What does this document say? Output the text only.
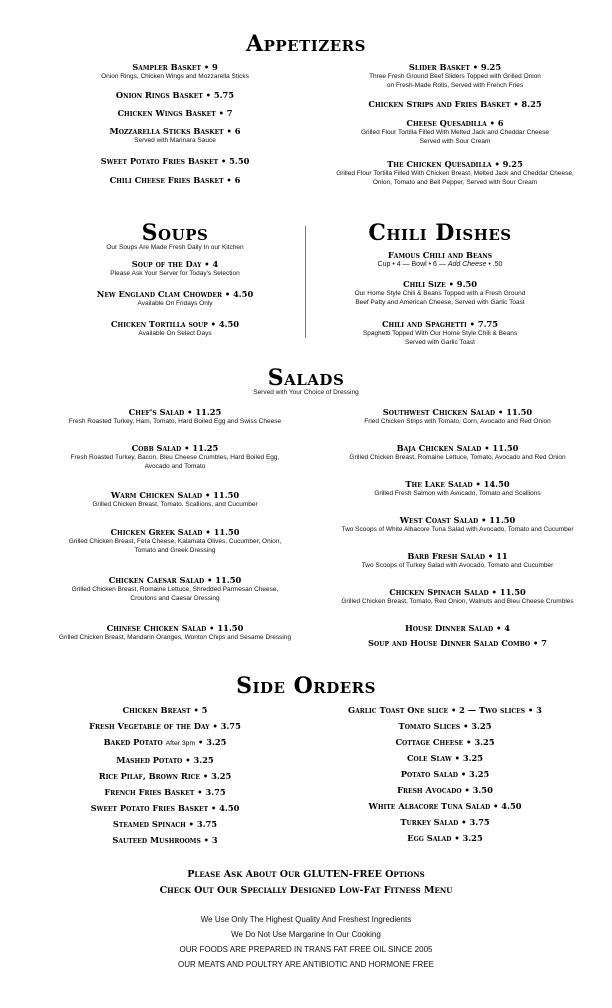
Appetizers
Sampler Basket • 9
Onion Rings, Chicken Wings and Mozzarella Sticks
Onion Rings Basket • 5.75
Chicken Wings Basket • 7
Mozzarella Sticks Basket • 6
Served with Marinara Sauce
Sweet Potato Fries Basket • 5.50
Chili Cheese Fries Basket • 6
Slider Basket • 9.25
Three Fresh Ground Beef Sliders Topped with Grilled Onion
on Fresh-Made Rolls, Served with French Fries
Chicken Strips and Fries Basket • 8.25
Cheese Quesadilla • 6
Grilled Flour Tortilla Filled With Melted Jack and Cheddar Cheese
Served with Sour Cream
The Chicken Quesadilla • 9.25
Grilled Flour Tortilla Filled With Chicken Breast, Melted Jack and Cheddar Cheese,
Onion, Tomato and Bell Pepper, Served with Sour Cream
Soups
Our Soups Are Made Fresh Daily In our Kitchen
Soup of the Day • 4
Please Ask Your Server for Today's Selection
New England Clam Chowder • 4.50
Available On Fridays Only
Chicken Tortilla soup • 4.50
Available On Select Days
Chili Dishes
Famous Chili and Beans
Cup • 4 — Bowl • 6 — Add Cheese • .50
Chili Size • 9.50
Our Home Style Chili & Beans Topped with a Fresh Ground
Beef Patty and American Cheese, Served with Garlic Toast
Chili and Spaghetti • 7.75
Spaghetti Topped With Our Home Style Chili & Beans
Served with Garlic Toast
Salads
Served with Your Choice of Dressing
Chef's Salad • 11.25
Fresh Roasted Turkey, Ham, Tomato, Hard Boiled Egg and Swiss Cheese
Cobb Salad • 11.25
Fresh Roasted Turkey, Bacon, Bleu Cheese Crumbles, Hard Boiled Egg,
Avocado and Tomato
Warm Chicken Salad • 11.50
Grilled Chicken Breast, Tomato, Scallions, and Cucumber
Chicken Greek Salad • 11.50
Grilled Chicken Breast, Feta Cheese, Kalamata Olives, Cucumber, Onion,
Tomato and Greek Dressing
Chicken Caesar Salad • 11.50
Grilled Chicken Breast, Romaine Lettuce, Shredded Parmesan Cheese,
Croutons and Caesar Dressing
Chinese Chicken Salad • 11.50
Grilled Chicken Breast, Mandarin Oranges, Wonton Chips and Sesame Dressing
Southwest Chicken Salad • 11.50
Fried Chicken Strips with Tomato, Corn, Avocado and Red Onion
Baja Chicken Salad • 11.50
Grilled Chicken Breast, Romaine Lettuce, Tomato, Avocado and Red Onion
The Lake Salad • 14.50
Grilled Fresh Salmon with Avocado, Tomato and Scallions
West Coast Salad • 11.50
Two Scoops of White Albacore Tuna Salad with Avocado, Tomato and Cucumber
Barb Fresh Salad • 11
Two Scoops of Turkey Salad with Avocado, Tomato and Cucumber
Chicken Spinach Salad • 11.50
Grilled Chicken Breast, Tomato, Red Onion, Walnuts and Bleu Cheese Crumbles
House Dinner Salad • 4
Soup and House Dinner Salad Combo • 7
Side Orders
Chicken Breast • 5
Fresh Vegetable of the Day • 3.75
Baked Potato After 3pm • 3.25
Mashed Potato • 3.25
Rice Pilaf, Brown Rice • 3.25
French Fries Basket • 3.75
Sweet Potato Fries Basket • 4.50
Steamed Spinach • 3.75
Sauteed Mushrooms • 3
Garlic Toast One slice • 2 — Two slices • 3
Tomato Slices • 3.25
Cottage Cheese • 3.25
Cole Slaw • 3.25
Potato Salad • 3.25
Fresh Avocado • 3.50
White Albacore Tuna Salad • 4.50
Turkey Salad • 3.75
Egg Salad • 3.25
Please Ask About Our GLUTEN-FREE Options
Check Out Our Specially Designed Low-Fat Fitness Menu
We Use Only The Highest Quality And Freshest Ingredients
We Do Not Use Margarine In Our Cooking
OUR FOODS ARE PREPARED IN TRANS FAT FREE OIL SINCE 2005
OUR MEATS AND POULTRY ARE ANTIBIOTIC AND HORMONE FREE
